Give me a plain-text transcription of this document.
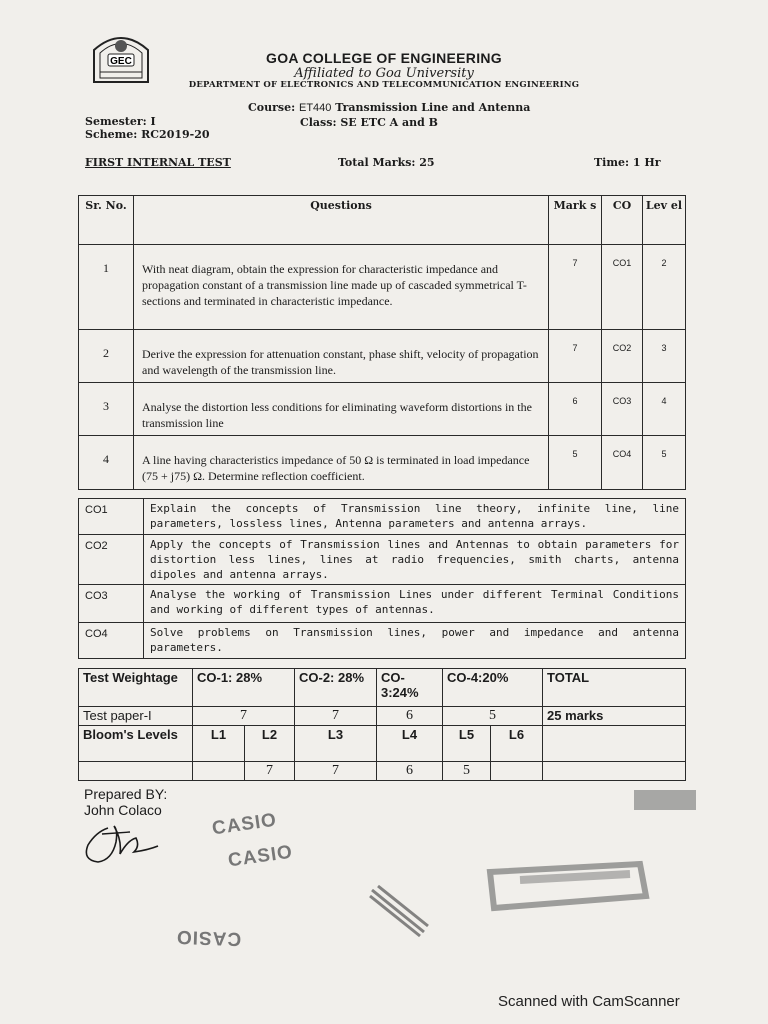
GEC	GOA COLLEGE OF ENGINEERING
Affiliated to Goa University
DEPARTMENT OF ELECTRONICS AND TELECOMMUNICATION ENGINEERING
Course: ET440 Transmission Line and Antenna
Class: SE ETC A and B
Semester: I
Scheme: RC2019-20
FIRST INTERNAL TEST	Total Marks: 25	Time: 1 Hr
Sr. No.	Questions	Mark s	CO	Lev el
1	With neat diagram, obtain the expression for characteristic impedance and propagation constant of a transmission line made up of cascaded symmetrical T-sections and terminated in characteristic impedance.	7	CO1	2
2	Derive the expression for attenuation constant, phase shift, velocity of propagation and wavelength of the transmission line.	7	CO2	3
3	Analyse the distortion less conditions for eliminating waveform distortions in the transmission line	6	CO3	4
4	A line having characteristics impedance of 50 Ω is terminated in load impedance (75 + j75) Ω. Determine reflection coefficient.	5	CO4	5
CO1	Explain the concepts of Transmission line theory, infinite line, line parameters, lossless lines, Antenna parameters and antenna arrays.
CO2	Apply the concepts of Transmission lines and Antennas to obtain parameters for distortion less lines, lines at radio frequencies, smith charts, antenna dipoles and antenna arrays.
CO3	Analyse the working of Transmission Lines under different Terminal Conditions and working of different types of antennas.
CO4	Solve problems on Transmission lines, power and impedance and antenna parameters.
Test Weightage	CO-1: 28%		CO-2: 28%	CO- 3:24%	CO-4:20%		TOTAL
Test paper-I	7		7	6	5		25 marks
Bloom's Levels	L1	L2	L3	L4	L5	L6	
		7	7	6	5		
Prepared BY:
John Colaco	CASIO
CASIO
CASIO
Scanned with CamScanner
